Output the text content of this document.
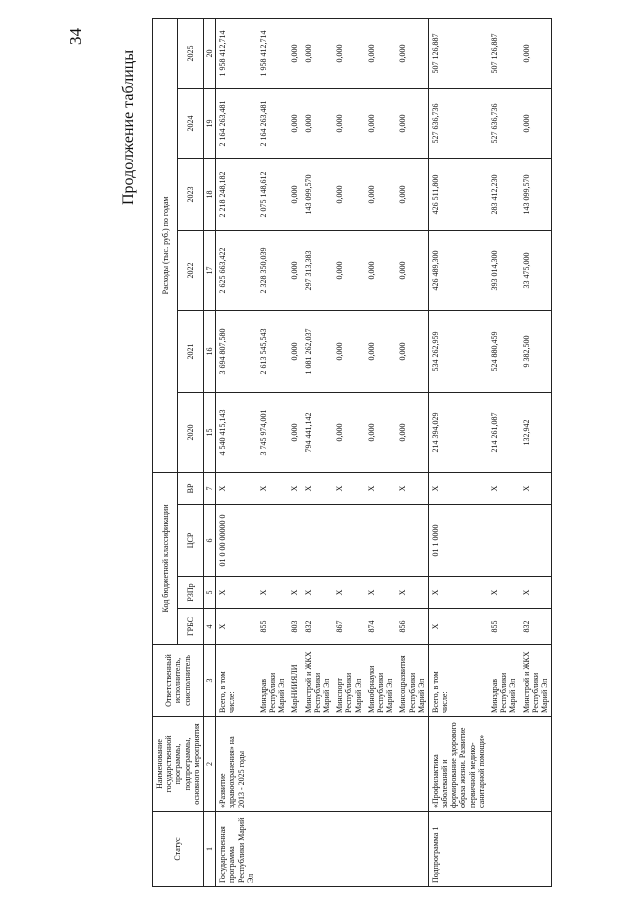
34
Продолжение таблицы
Статус	Наименование государственной программы, подпрограммы, основного мероприятия	Ответственный исполнитель, соисполнитель	Код бюджетной классификации				Расходы (тыс. руб.) по годам					
			ГРБС	РЗПр	ЦСР	ВР	2020	2021	2022	2023	2024	2025
1	2	3	4	5	6	7	15	16	17	18	19	20
Государственная программа Республики Марий Эл	«Развитие здравоохранения» на 2013 - 2025 годы	Всего, в том числе:	Х	Х	01 0 00 00000 0	Х	4 540 415,143	3 694 807,580	2 625 663,422	2 218 248,182	2 164 263,481	1 958 412,714
		Минздрав Республики Марий Эл	855	Х		Х	3 745 974,001	2 613 545,543	2 328 350,039	2 075 148,612	2 164 263,481	1 958 412,714
		МарНИИЯЛИ	803	Х		Х	0,000	0,000	0,000	0,000	0,000	0,000
		Минстрой и ЖКХ Республики Марий Эл	832	Х		Х	794 441,142	1 081 262,037	297 313,383	143 099,570	0,000	0,000
		Минспорт Республики Марий Эл	867	Х		Х	0,000	0,000	0,000	0,000	0,000	0,000
		Минобрнауки Республики Марий Эл	874	Х		Х	0,000	0,000	0,000	0,000	0,000	0,000
		Минсоцразвития Республики Марий Эл	856	Х		Х	0,000	0,000	0,000	0,000	0,000	0,000
Подпрограмма 1	«Профилактика заболеваний и формирование здорового образа жизни. Развитие первичной медико-санитарной помощи»	Всего, в том числе:	Х	Х	01 1 0000	Х	214 394,029	534 262,959	426 489,300	426 511,800	527 636,736	507 126,887
		Минздрав Республики Марий Эл	855	Х		Х	214 261,087	524 880,459	393 014,300	283 412,230	527 636,736	507 126,887
		Минстрой и ЖКХ Республики Марий Эл	832	Х		Х	132,942	9 382,500	33 475,000	143 099,570	0,000	0,000
